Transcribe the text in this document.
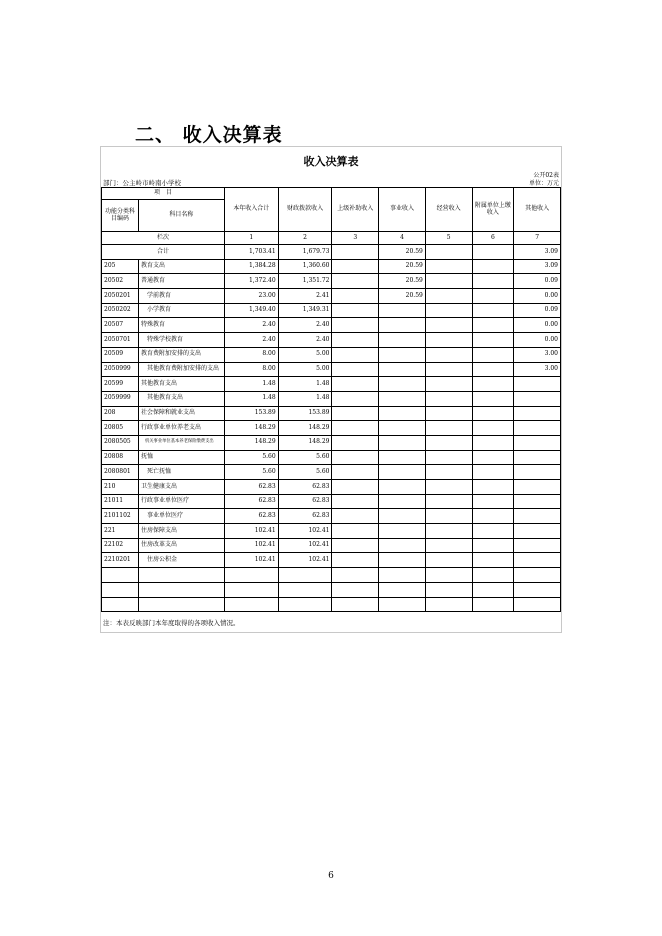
二、 收入决算表
收入决算表
公开02表
部门：公主岭市岭南小学校	单位：万元
项　目		本年收入合计	财政拨款收入	上级补助收入	事业收入	经营收入	附属单位上缴收入	其他收入
功能分类科目编码	科目名称							

栏次		1	2	3	4	5	6	7
合计		1,703.41	1,679.73		20.59			3.09
205	教育支出	1,384.28	1,360.60		20.59			3.09
20502	普通教育	1,372.40	1,351.72		20.59			0.09
2050201	学前教育	23.00	2.41		20.59			0.00
2050202	小学教育	1,349.40	1,349.31					0.09
20507	特殊教育	2.40	2.40					0.00
2050701	特殊学校教育	2.40	2.40					0.00
20509	教育费附加安排的支出	8.00	5.00					3.00
2050999	其他教育费附加安排的支出	8.00	5.00					3.00
20599	其他教育支出	1.48	1.48					
2059999	其他教育支出	1.48	1.48					
208	社会保障和就业支出	153.89	153.89					
20805	行政事业单位养老支出	148.29	148.29					
2080505	机关事业单位基本养老保险缴费支出	148.29	148.29					
20808	抚恤	5.60	5.60					
2080801	死亡抚恤	5.60	5.60					
210	卫生健康支出	62.83	62.83					
21011	行政事业单位医疗	62.83	62.83					
2101102	事业单位医疗	62.83	62.83					
221	住房保障支出	102.41	102.41					
22102	住房改革支出	102.41	102.41					
2210201	住房公积金	102.41	102.41					

注：本表反映部门本年度取得的各项收入情况。
6
